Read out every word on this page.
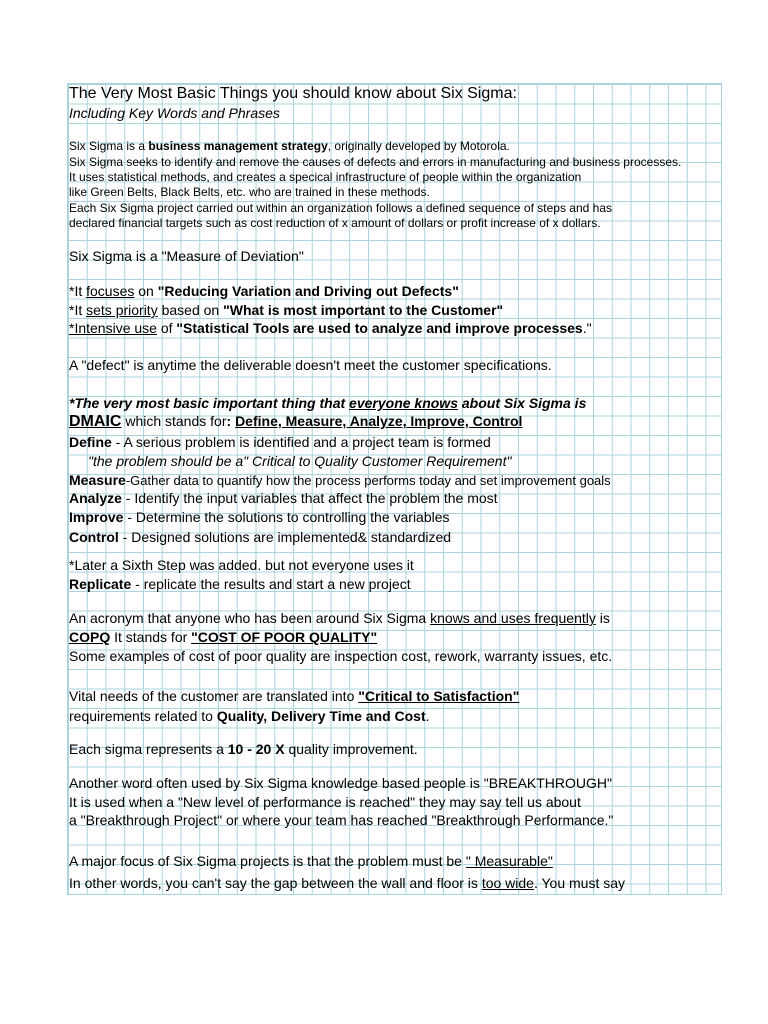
The Very Most Basic Things you should know about Six Sigma:
Including Key Words and Phrases
Six Sigma is a business management strategy, originally developed by Motorola.
Six Sigma seeks to identify and remove the causes of defects and errors in manufacturing and business processes.
It uses statistical methods, and creates a specical infrastructure of people within the organization
like Green Belts, Black Belts, etc. who are trained in these methods.
Each Six Sigma project carried out within an organization follows a defined sequence of steps and has
declared financial targets such as cost reduction of x amount of dollars or profit increase of x dollars.
Six Sigma is a "Measure of Deviation"
*It focuses on "Reducing Variation and Driving out Defects"
*It sets priority based on "What is most important to the Customer"
*Intensive use of "Statistical Tools are used to analyze and improve processes."
A "defect" is anytime the deliverable doesn't meet the customer specifications.
*The very most basic important thing that everyone knows about Six Sigma is
DMAIC which stands for: Define, Measure, Analyze, Improve, Control
Define - A serious problem is identified and a project team is formed
"the problem should be a" Critical to Quality Customer Requirement"
Measure-Gather data to quantify how the process performs today and set improvement goals
Analyze - Identify the input variables that affect the problem the most
Improve - Determine the solutions to controlling the variables
Control - Designed solutions are implemented& standardized
*Later a Sixth Step was added. but not everyone uses it
Replicate - replicate the results and start a new project
An acronym that anyone who has been around Six Sigma knows and uses frequently is
COPQ It stands for "COST OF POOR QUALITY"
Some examples of cost of poor quality are inspection cost, rework, warranty issues, etc.
Vital needs of the customer are translated into "Critical to Satisfaction"
requirements related to Quality, Delivery Time and Cost.
Each sigma represents a 10 - 20 X quality improvement.
Another word often used by Six Sigma knowledge based people is "BREAKTHROUGH"
It is used when a "New level of performance is reached" they may say tell us about
a "Breakthrough Project" or where your team has reached "Breakthrough Performance."
A major focus of Six Sigma projects is that the problem must be " Measurable"
In other words, you can't say the gap between the wall and floor is too wide. You must say
